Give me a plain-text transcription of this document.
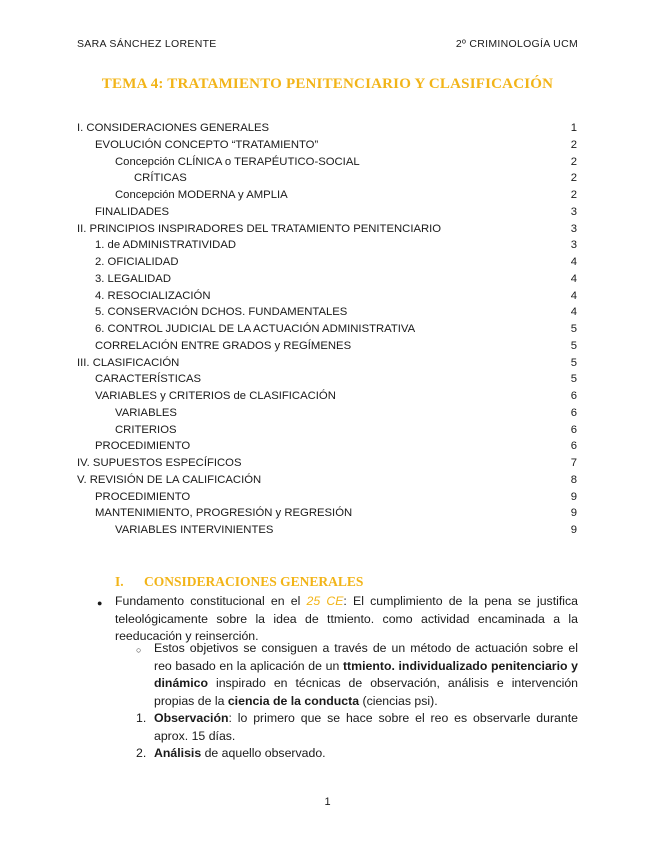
SARA SÁNCHEZ LORENTE	2º CRIMINOLOGÍA UCM
TEMA 4: TRATAMIENTO PENITENCIARIO Y CLASIFICACIÓN
I. CONSIDERACIONES GENERALES	1
EVOLUCIÓN CONCEPTO “TRATAMIENTO”	2
Concepción CLÍNICA o TERAPÉUTICO-SOCIAL	2
CRÍTICAS	2
Concepción MODERNA y AMPLIA	2
FINALIDADES	3
II. PRINCIPIOS INSPIRADORES DEL TRATAMIENTO PENITENCIARIO	3
1. de ADMINISTRATIVIDAD	3
2. OFICIALIDAD	4
3. LEGALIDAD	4
4. RESOCIALIZACIÓN	4
5. CONSERVACIÓN DCHOS. FUNDAMENTALES	4
6. CONTROL JUDICIAL DE LA ACTUACIÓN ADMINISTRATIVA	5
CORRELACIÓN ENTRE GRADOS y REGÍMENES	5
III. CLASIFICACIÓN	5
CARACTERÍSTICAS	5
VARIABLES y CRITERIOS de CLASIFICACIÓN	6
VARIABLES	6
CRITERIOS	6
PROCEDIMIENTO	6
IV. SUPUESTOS ESPECÍFICOS	7
V. REVISIÓN DE LA CALIFICACIÓN	8
PROCEDIMIENTO	9
MANTENIMIENTO, PROGRESIÓN y REGRESIÓN	9
VARIABLES INTERVINIENTES	9
I. CONSIDERACIONES GENERALES
● Fundamento constitucional en el 25 CE: El cumplimiento de la pena se justifica teleológicamente sobre la idea de ttmiento. como actividad encaminada a la reeducación y reinserción.
○ Estos objetivos se consiguen a través de un método de actuación sobre el reo basado en la aplicación de un ttmiento. individualizado penitenciario y dinámico inspirado en técnicas de observación, análisis e intervención propias de la ciencia de la conducta (ciencias psi).
1. Observación: lo primero que se hace sobre el reo es observarle durante aprox. 15 días.
2. Análisis de aquello observado.
1
